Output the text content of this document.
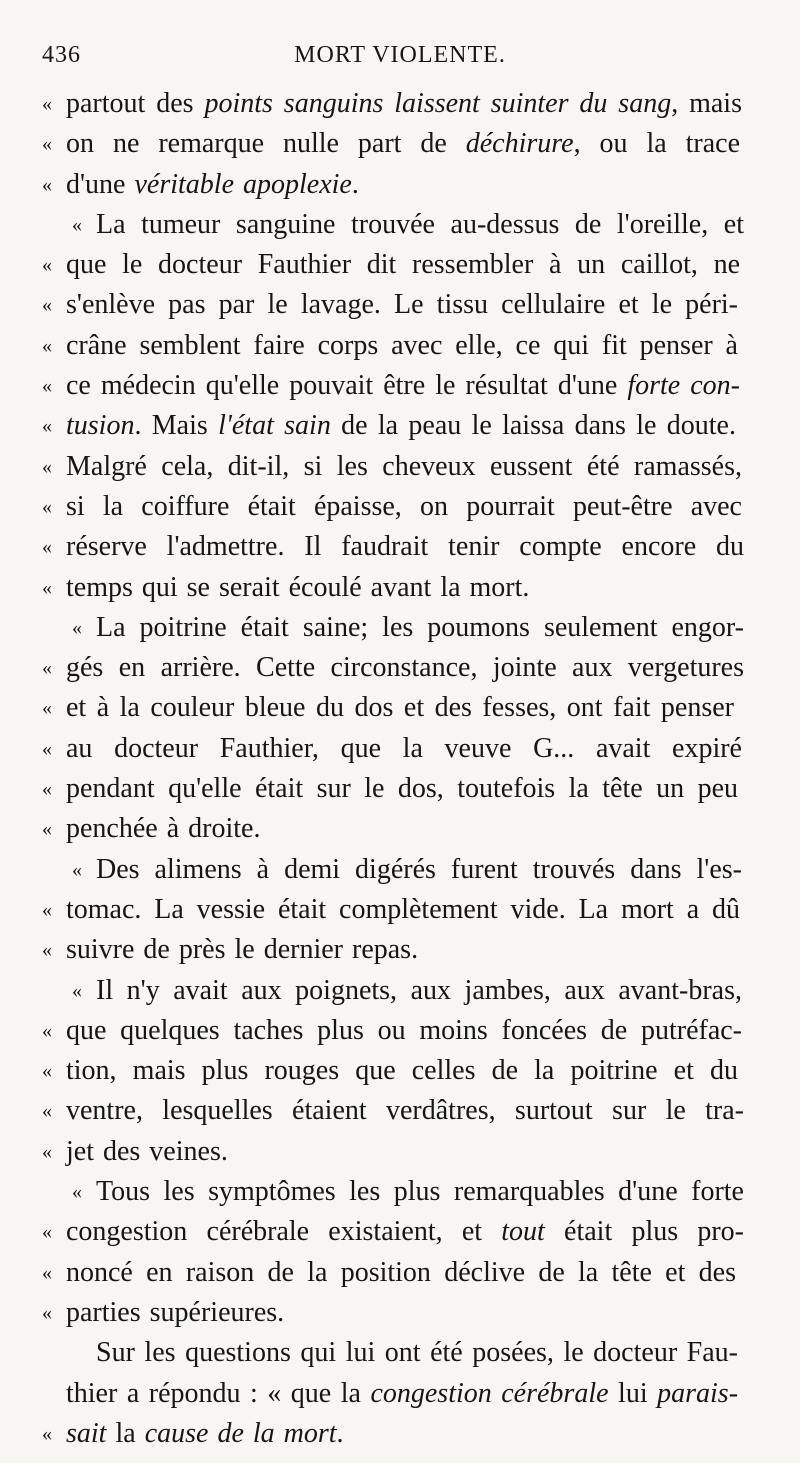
436	MORT VIOLENTE.
« partout des points sanguins laissent suinter du sang, mais
« on ne remarque nulle part de déchirure, ou la trace
« d'une véritable apoplexie.
« La tumeur sanguine trouvée au-dessus de l'oreille, et
« que le docteur Fauthier dit ressembler à un caillot, ne
« s'enlève pas par le lavage. Le tissu cellulaire et le péri-
« crâne semblent faire corps avec elle, ce qui fit penser à
« ce médecin qu'elle pouvait être le résultat d'une forte con-
« tusion. Mais l'état sain de la peau le laissa dans le doute.
« Malgré cela, dit-il, si les cheveux eussent été ramassés,
« si la coiffure était épaisse, on pourrait peut-être avec
« réserve l'admettre. Il faudrait tenir compte encore du
« temps qui se serait écoulé avant la mort.
« La poitrine était saine; les poumons seulement engor-
« gés en arrière. Cette circonstance, jointe aux vergetures
« et à la couleur bleue du dos et des fesses, ont fait penser
« au docteur Fauthier, que la veuve G... avait expiré
« pendant qu'elle était sur le dos, toutefois la tête un peu
« penchée à droite.
« Des alimens à demi digérés furent trouvés dans l'es-
« tomac. La vessie était complètement vide. La mort a dû
« suivre de près le dernier repas.
« Il n'y avait aux poignets, aux jambes, aux avant-bras,
« que quelques taches plus ou moins foncées de putréfac-
« tion, mais plus rouges que celles de la poitrine et du
« ventre, lesquelles étaient verdâtres, surtout sur le tra-
« jet des veines.
« Tous les symptômes les plus remarquables d'une forte
« congestion cérébrale existaient, et tout était plus pro-
« noncé en raison de la position déclive de la tête et des
« parties supérieures.
Sur les questions qui lui ont été posées, le docteur Fau-
thier a répondu : « que la congestion cérébrale lui parais-
« sait la cause de la mort.
